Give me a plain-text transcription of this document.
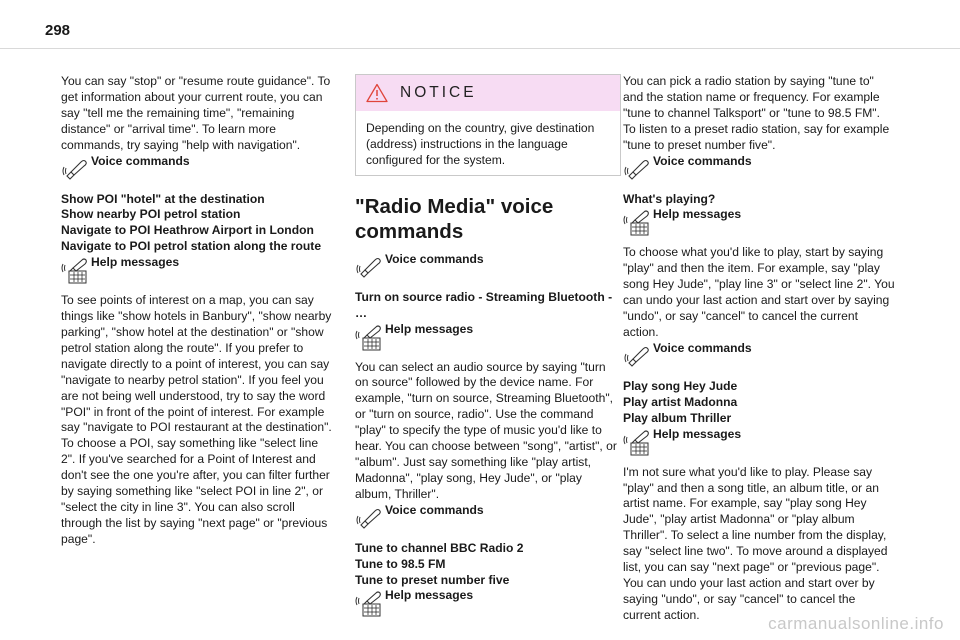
298

You can say "stop" or "resume route guidance". To get information about your current route, you can say "tell me the remaining time", "remaining distance" or "arrival time". To learn more commands, try saying "help with navigation".

Voice commands

Show POI "hotel" at the destination

Show nearby POI petrol station

Navigate to POI Heathrow Airport in London

Navigate to POI petrol station along the route

Help messages

To see points of interest on a map, you can say things like "show hotels in Banbury", "show nearby parking", "show hotel at the destination" or "show petrol station along the route". If you prefer to navigate directly to a point of interest, you can say "navigate to nearby petrol station". If you feel you are not being well understood, try to say the word "POI" in front of the point of interest. For example say "navigate to POI restaurant at the destination".

To choose a POI, say something like "select line 2". If you've searched for a Point of Interest and don't see the one you're after, you can filter further by saying something like "select POI in line 2", or "select the city in line 3". You can also scroll through the list by saying "next page" or "previous page".

NOTICE
Depending on the country, give destination (address) instructions in the language configured for the system.
"Radio Media" voice commands
Voice commands

Turn on source radio - Streaming Bluetooth - …

Help messages

You can select an audio source by saying "turn on source" followed by the device name. For example, "turn on source, Streaming Bluetooth", or "turn on source, radio". Use the command "play" to specify the type of music you'd like to hear. You can choose between "song", "artist", or "album". Just say something like "play artist, Madonna", "play song, Hey Jude", or "play album, Thriller".

Voice commands

Tune to channel BBC Radio 2

Tune to 98.5 FM

Tune to preset number five

Help messages

You can pick a radio station by saying "tune to" and the station name or frequency. For example "tune to channel Talksport" or "tune to 98.5 FM". To listen to a preset radio station, say for example "tune to preset number five".

Voice commands

What's playing?

Help messages

To choose what you'd like to play, start by saying "play" and then the item. For example, say "play song Hey Jude", "play line 3" or "select line 2". You can undo your last action and start over by saying "undo", or say "cancel" to cancel the current action.

Voice commands

Play song Hey Jude

Play artist Madonna

Play album Thriller

Help messages

I'm not sure what you'd like to play. Please say "play" and then a song title, an album title, or an artist name. For example, say "play song Hey Jude", "play artist Madonna" or "play album Thriller". To select a line number from the display, say "select line two". To move around a displayed list, you can say "next page" or "previous page". You can undo your last action and start over by saying "undo", or say "cancel" to cancel the current action.	carmanualsonline.info
